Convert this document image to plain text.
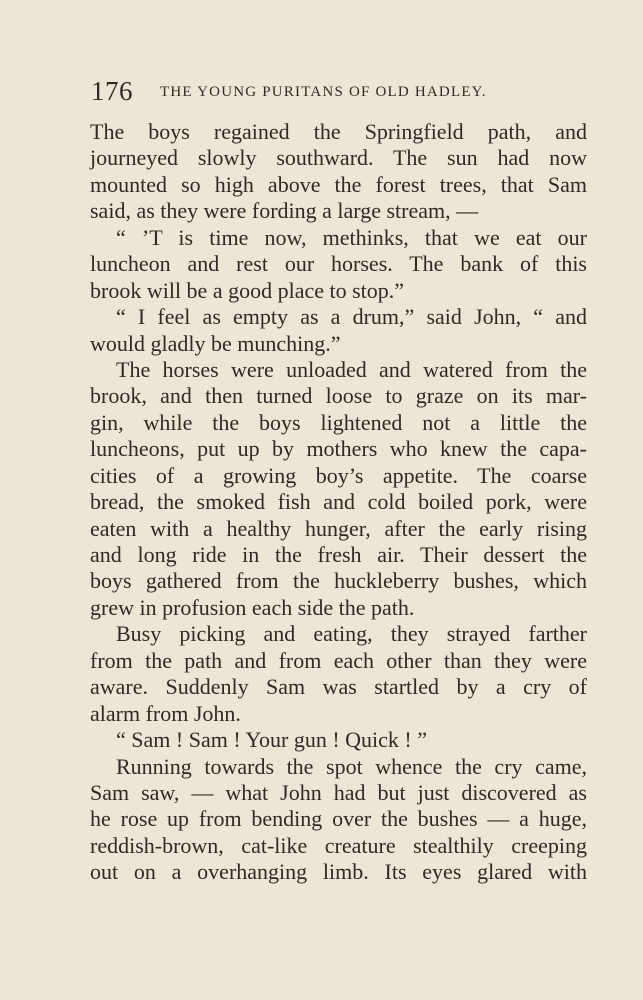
176 THE YOUNG PURITANS OF OLD HADLEY.
The boys regained the Springfield path, and
journeyed slowly southward. The sun had now
mounted so high above the forest trees, that Sam
said, as they were fording a large stream, —
“ ’T is time now, methinks, that we eat our
luncheon and rest our horses. The bank of this
brook will be a good place to stop.”
“ I feel as empty as a drum,” said John, “ and
would gladly be munching.”
The horses were unloaded and watered from the
brook, and then turned loose to graze on its mar-
gin, while the boys lightened not a little the
luncheons, put up by mothers who knew the capa-
cities of a growing boy’s appetite. The coarse
bread, the smoked fish and cold boiled pork, were
eaten with a healthy hunger, after the early rising
and long ride in the fresh air. Their dessert the
boys gathered from the huckleberry bushes, which
grew in profusion each side the path.
Busy picking and eating, they strayed farther
from the path and from each other than they were
aware. Suddenly Sam was startled by a cry of
alarm from John.
“ Sam ! Sam ! Your gun ! Quick ! ”
Running towards the spot whence the cry came,
Sam saw, — what John had but just discovered as
he rose up from bending over the bushes — a huge,
reddish-brown, cat-like creature stealthily creeping
out on a overhanging limb. Its eyes glared with
